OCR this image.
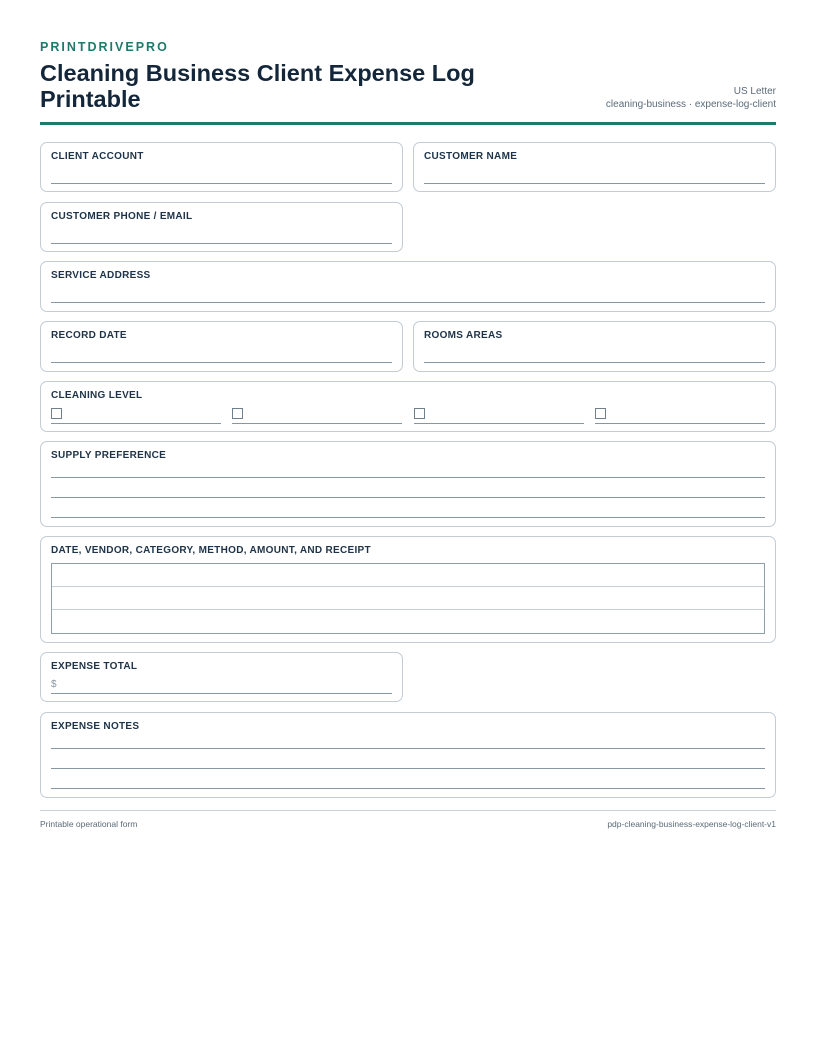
PRINTDRIVEPRO
Cleaning Business Client Expense Log Printable	US Letter
cleaning-business · expense-log-client
CLIENT ACCOUNT	CUSTOMER NAME
CUSTOMER PHONE / EMAIL
SERVICE ADDRESS
RECORD DATE	ROOMS AREAS
CLEANING LEVEL
SUPPLY PREFERENCE
DATE, VENDOR, CATEGORY, METHOD, AMOUNT, AND RECEIPT
EXPENSE TOTAL
$
EXPENSE NOTES
Printable operational form	pdp-cleaning-business-expense-log-client-v1
